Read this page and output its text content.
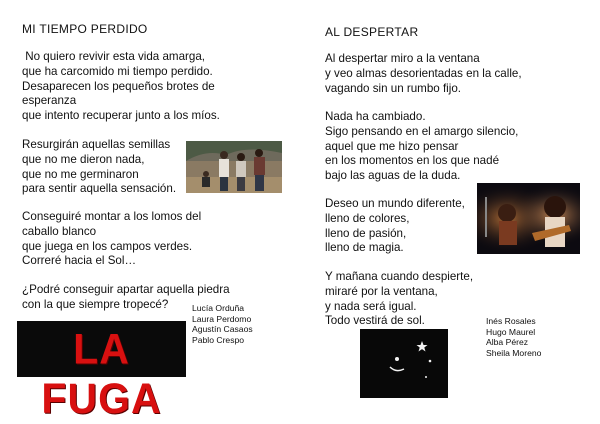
MI TIEMPO PERDIDO

No quiero revivir esta vida amarga,
que ha carcomido mi tiempo perdido.
Desaparecen los pequeños brotes de
esperanza
que intento recuperar junto a los míos.

Resurgirán aquellas semillas
que no me dieron nada,
que no me germinaron
para sentir aquella sensación.

Conseguiré montar a los lomos del
caballo blanco
que juega en los campos verdes.
Correré hacia el Sol…

¿Podré conseguir apartar aquella piedra
con la que siempre tropecé?	Lucía Orduña
Laura Perdomo
Agustín Casaos
Pablo Crespo

LA FUGA
AL DESPERTAR

Al despertar miro a la ventana
y veo almas desorientadas en la calle,
vagando sin un rumbo fijo.

Nada ha cambiado.
Sigo pensando en el amargo silencio,
aquel que me hizo pensar
en los momentos en los que nadé
bajo las aguas de la duda.

Deseo un mundo diferente,
lleno de colores,
lleno de pasión,
lleno de magia.

Y mañana cuando despierte,
miraré por la ventana,
y nada será igual.
Todo vestirá de sol.	Inés Rosales
Hugo Maurel
Alba Pérez
Sheila Moreno
